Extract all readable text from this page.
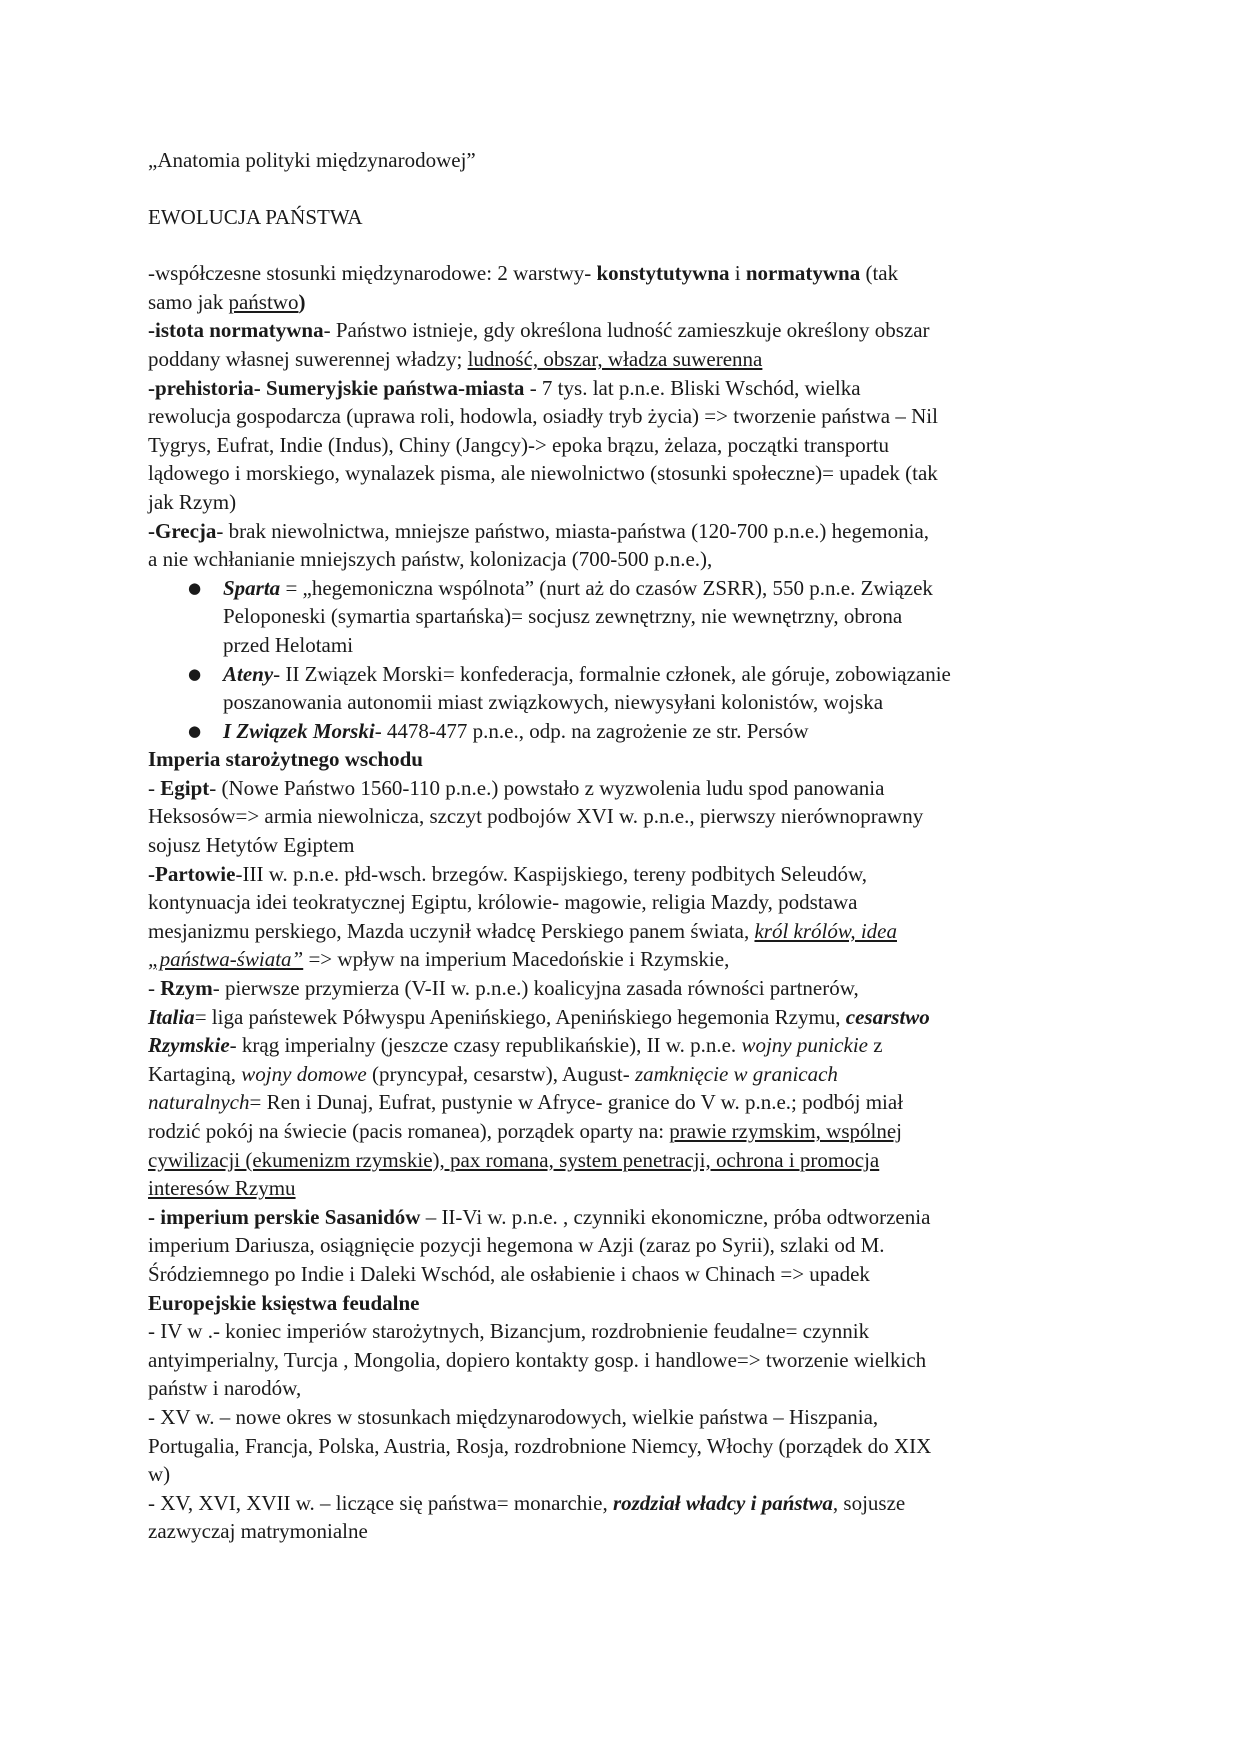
„Anatomia polityki międzynarodowej”
EWOLUCJA PAŃSTWA
-współczesne stosunki międzynarodowe: 2 warstwy- konstytutywna i normatywna (tak
samo jak państwo)
-istota normatywna- Państwo istnieje, gdy określona ludność zamieszkuje określony obszar
poddany własnej suwerennej władzy; ludność, obszar, władza suwerenna
-prehistoria- Sumeryjskie państwa-miasta - 7 tys. lat p.n.e. Bliski Wschód, wielka
rewolucja gospodarcza (uprawa roli, hodowla, osiadły tryb życia) => tworzenie państwa – Nil
Tygrys, Eufrat, Indie (Indus), Chiny (Jangcy)-> epoka brązu, żelaza, początki transportu
lądowego i morskiego, wynalazek pisma, ale niewolnictwo (stosunki społeczne)= upadek (tak
jak Rzym)
-Grecja- brak niewolnictwa, mniejsze państwo, miasta-państwa (120-700 p.n.e.) hegemonia,
a nie wchłanianie mniejszych państw, kolonizacja (700-500 p.n.e.),
● Sparta = „hegemoniczna wspólnota” (nurt aż do czasów ZSRR), 550 p.n.e. Związek
Peloponeski (symartia spartańska)= socjusz zewnętrzny, nie wewnętrzny, obrona
przed Helotami
● Ateny- II Związek Morski= konfederacja, formalnie członek, ale góruje, zobowiązanie
poszanowania autonomii miast związkowych, niewysyłani kolonistów, wojska
● I Związek Morski- 4478-477 p.n.e., odp. na zagrożenie ze str. Persów
Imperia starożytnego wschodu
- Egipt- (Nowe Państwo 1560-110 p.n.e.) powstało z wyzwolenia ludu spod panowania
Heksosów=> armia niewolnicza, szczyt podbojów XVI w. p.n.e., pierwszy nierównoprawny
sojusz Hetytów Egiptem
-Partowie-III w. p.n.e. płd-wsch. brzegów. Kaspijskiego, tereny podbitych Seleudów,
kontynuacja idei teokratycznej Egiptu, królowie- magowie, religia Mazdy, podstawa
mesjanizmu perskiego, Mazda uczynił władcę Perskiego panem świata, król królów, idea
„państwa-świata” => wpływ na imperium Macedońskie i Rzymskie,
- Rzym- pierwsze przymierza (V-II w. p.n.e.) koalicyjna zasada równości partnerów,
Italia= liga państewek Półwyspu Apenińskiego, Apenińskiego hegemonia Rzymu, cesarstwo
Rzymskie- krąg imperialny (jeszcze czasy republikańskie), II w. p.n.e. wojny punickie z
Kartaginą, wojny domowe (pryncypał, cesarstw), August- zamknięcie w granicach
naturalnych= Ren i Dunaj, Eufrat, pustynie w Afryce- granice do V w. p.n.e.; podbój miał
rodzić pokój na świecie (pacis romanea), porządek oparty na: prawie rzymskim, wspólnej
cywilizacji (ekumenizm rzymskie), pax romana, system penetracji, ochrona i promocja
interesów Rzymu
- imperium perskie Sasanidów – II-Vi w. p.n.e. , czynniki ekonomiczne, próba odtworzenia
imperium Dariusza, osiągnięcie pozycji hegemona w Azji (zaraz po Syrii), szlaki od M.
Śródziemnego po Indie i Daleki Wschód, ale osłabienie i chaos w Chinach => upadek
Europejskie księstwa feudalne
- IV w .- koniec imperiów starożytnych, Bizancjum, rozdrobnienie feudalne= czynnik
antyimperialny, Turcja , Mongolia, dopiero kontakty gosp. i handlowe=> tworzenie wielkich
państw i narodów,
- XV w. – nowe okres w stosunkach międzynarodowych, wielkie państwa – Hiszpania,
Portugalia, Francja, Polska, Austria, Rosja, rozdrobnione Niemcy, Włochy (porządek do XIX
w)
- XV, XVI, XVII w. – liczące się państwa= monarchie, rozdział władcy i państwa, sojusze
zazwyczaj matrymonialne
